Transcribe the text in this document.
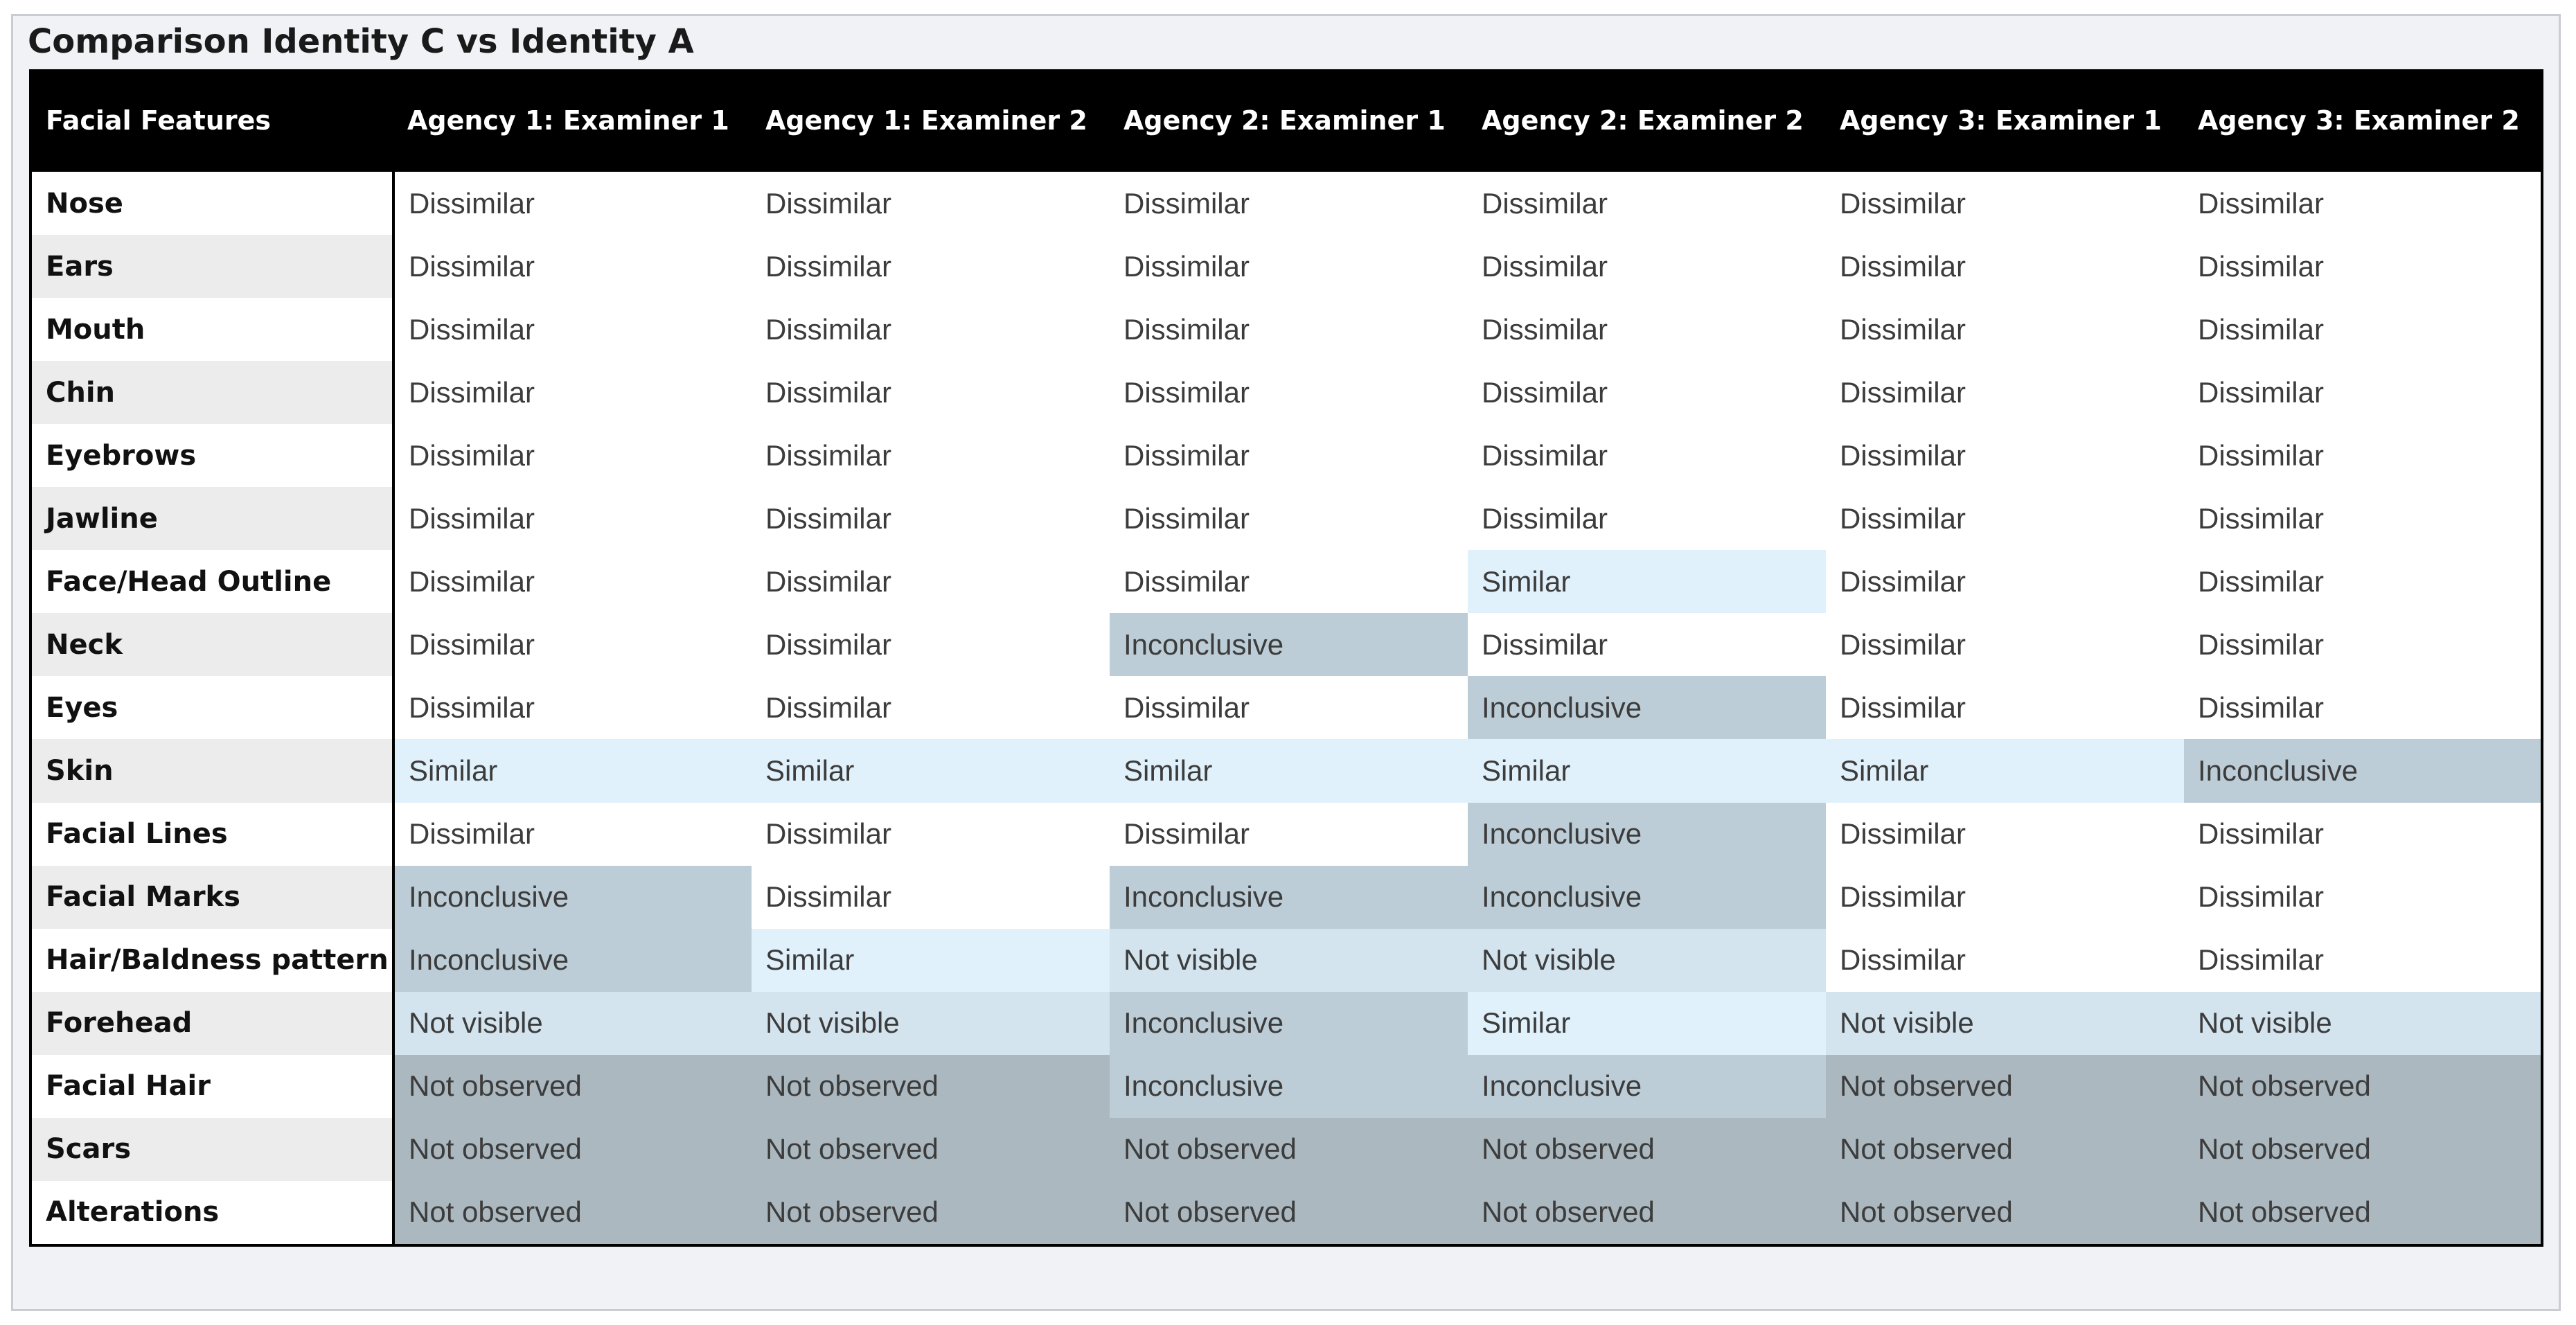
Comparison Identity C vs Identity A
Facial Features	Agency 1: Examiner 1	Agency 1: Examiner 2	Agency 2: Examiner 1	Agency 2: Examiner 2	Agency 3: Examiner 1	Agency 3: Examiner 2
Nose	Dissimilar	Dissimilar	Dissimilar	Dissimilar	Dissimilar	Dissimilar
Ears	Dissimilar	Dissimilar	Dissimilar	Dissimilar	Dissimilar	Dissimilar
Mouth	Dissimilar	Dissimilar	Dissimilar	Dissimilar	Dissimilar	Dissimilar
Chin	Dissimilar	Dissimilar	Dissimilar	Dissimilar	Dissimilar	Dissimilar
Eyebrows	Dissimilar	Dissimilar	Dissimilar	Dissimilar	Dissimilar	Dissimilar
Jawline	Dissimilar	Dissimilar	Dissimilar	Dissimilar	Dissimilar	Dissimilar
Face/Head Outline	Dissimilar	Dissimilar	Dissimilar	Similar	Dissimilar	Dissimilar
Neck	Dissimilar	Dissimilar	Inconclusive	Dissimilar	Dissimilar	Dissimilar
Eyes	Dissimilar	Dissimilar	Dissimilar	Inconclusive	Dissimilar	Dissimilar
Skin	Similar	Similar	Similar	Similar	Similar	Inconclusive
Facial Lines	Dissimilar	Dissimilar	Dissimilar	Inconclusive	Dissimilar	Dissimilar
Facial Marks	Inconclusive	Dissimilar	Inconclusive	Inconclusive	Dissimilar	Dissimilar
Hair/Baldness pattern	Inconclusive	Similar	Not visible	Not visible	Dissimilar	Dissimilar
Forehead	Not visible	Not visible	Inconclusive	Similar	Not visible	Not visible
Facial Hair	Not observed	Not observed	Inconclusive	Inconclusive	Not observed	Not observed
Scars	Not observed	Not observed	Not observed	Not observed	Not observed	Not observed
Alterations	Not observed	Not observed	Not observed	Not observed	Not observed	Not observed
